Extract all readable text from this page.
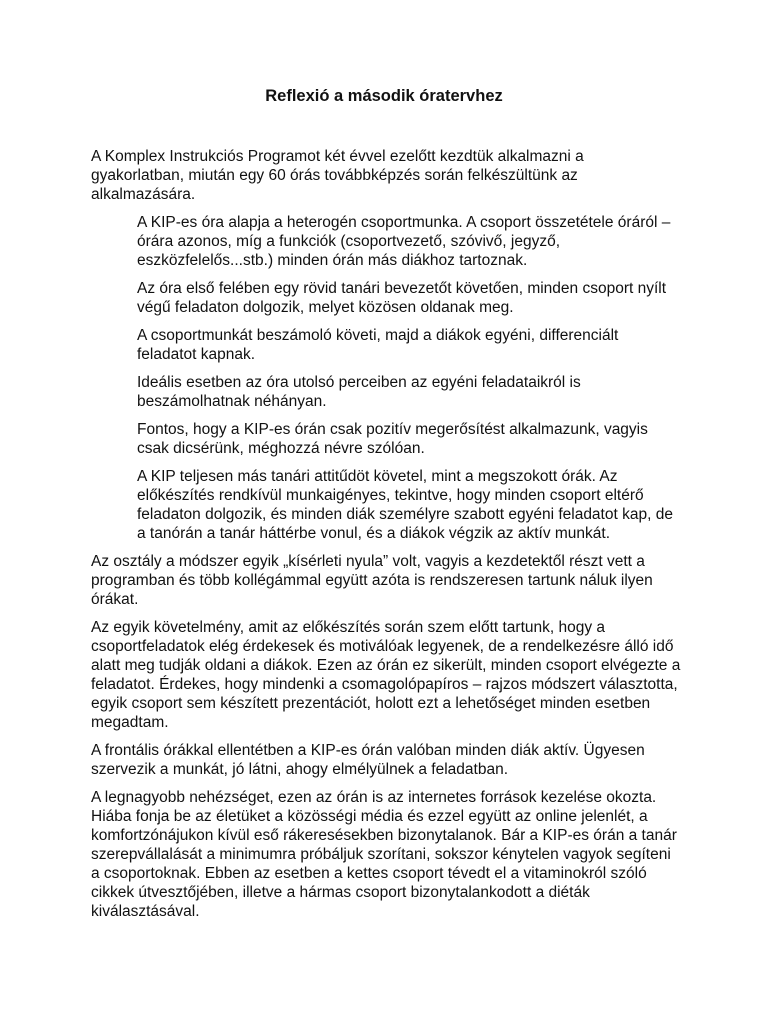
Reflexió a második óratervhez

A Komplex Instrukciós Programot két évvel ezelőtt kezdtük alkalmazni a gyakorlatban, miután egy 60 órás továbbképzés során felkészültünk az alkalmazására.

A KIP-es óra alapja a heterogén csoportmunka. A csoport összetétele óráról – órára azonos, míg a funkciók (csoportvezető, szóvivő, jegyző, eszközfelelős...stb.) minden órán más diákhoz tartoznak.

Az óra első felében egy rövid tanári bevezetőt követően, minden csoport nyílt végű feladaton dolgozik, melyet közösen oldanak meg.

A csoportmunkát beszámoló követi, majd a diákok egyéni, differenciált feladatot kapnak.

Ideális esetben az óra utolsó perceiben az egyéni feladataikról is beszámolhatnak néhányan.

Fontos, hogy a KIP-es órán csak pozitív megerősítést alkalmazunk, vagyis csak dicsérünk, méghozzá névre szólóan.

A KIP teljesen más tanári attitűdöt követel, mint a megszokott órák. Az előkészítés rendkívül munkaigényes, tekintve, hogy minden csoport eltérő feladaton dolgozik, és minden diák személyre szabott egyéni feladatot kap, de a tanórán a tanár háttérbe vonul, és a diákok végzik az aktív munkát.

Az osztály a módszer egyik „kísérleti nyula” volt, vagyis a kezdetektől részt vett a programban és több kollégámmal együtt azóta is rendszeresen tartunk náluk ilyen órákat.

Az egyik követelmény, amit az előkészítés során szem előtt tartunk, hogy a csoportfeladatok elég érdekesek és motiválóak legyenek, de a rendelkezésre álló idő alatt meg tudják oldani a diákok. Ezen az órán ez sikerült, minden csoport elvégezte a feladatot. Érdekes, hogy mindenki a csomagolópapíros – rajzos módszert választotta, egyik csoport sem készített prezentációt, holott ezt a lehetőséget minden esetben megadtam.

A frontális órákkal ellentétben a KIP-es órán valóban minden diák aktív. Ügyesen szervezik a munkát, jó látni, ahogy elmélyülnek a feladatban.

A legnagyobb nehézséget, ezen az órán is az internetes források kezelése okozta. Hiába fonja be az életüket a közösségi média és ezzel együtt az online jelenlét, a komfortzónájukon kívül eső rákeresésekben bizonytalanok. Bár a KIP-es órán a tanár szerepvállalását a minimumra próbáljuk szorítani, sokszor kénytelen vagyok segíteni a csoportoknak. Ebben az esetben a kettes csoport tévedt el a vitaminokról szóló cikkek útvesztőjében, illetve a hármas csoport bizonytalankodott a diéták kiválasztásával.
